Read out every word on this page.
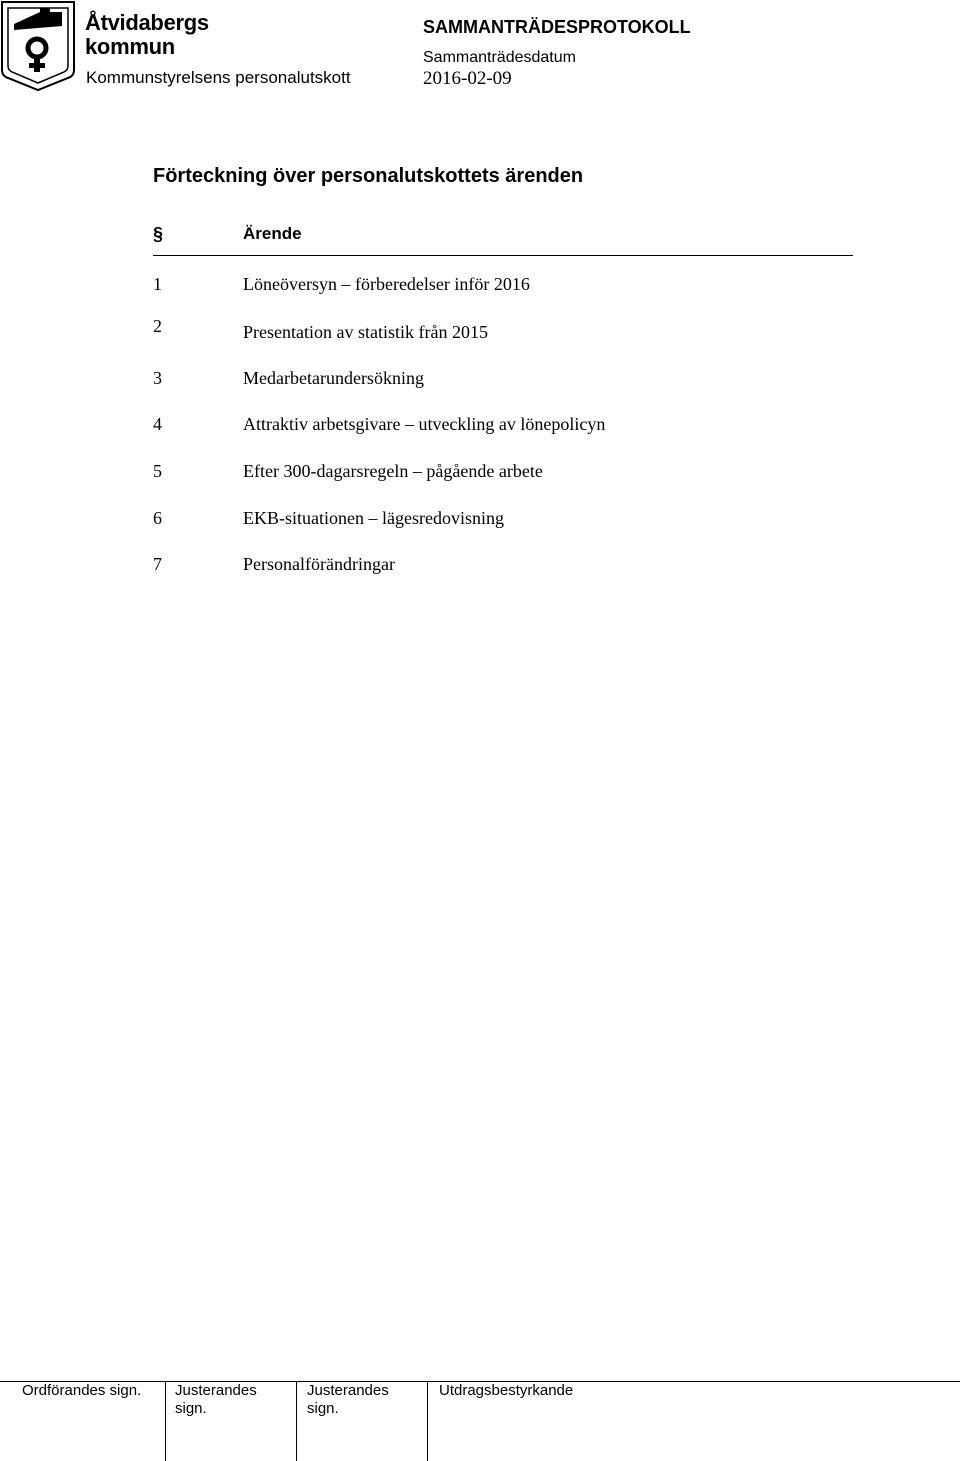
Åtvidabergs
kommun
Kommunstyrelsens personalutskott
SAMMANTRÄDESPROTOKOLL
Sammanträdesdatum
2016-02-09
Förteckning över personalutskottets ärenden
§	Ärende
1	Löneöversyn – förberedelser inför 2016
2	Presentation av statistik från 2015
3	Medarbetarundersökning
4	Attraktiv arbetsgivare – utveckling av lönepolicyn
5	Efter 300-dagarsregeln – pågående arbete
6	EKB-situationen – lägesredovisning
7	Personalförändringar
Ordförandes sign. Justerandes
sign.
Justerandes
sign.
Utdragsbestyrkande
